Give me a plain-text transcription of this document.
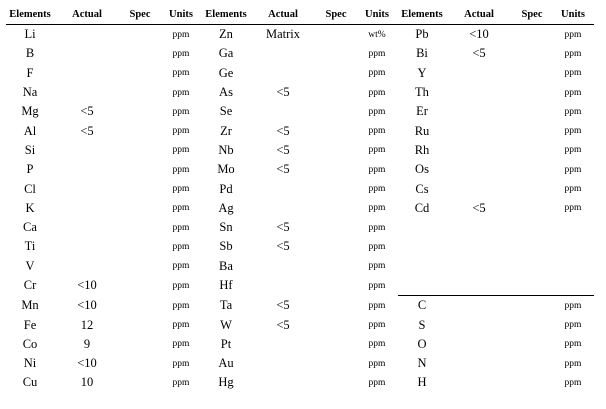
Elements	Actual	Spec	Units	Elements	Actual	Spec	Units	Elements	Actual	Spec	Units
Li			ppm	Zn	Matrix		wt%	Pb	<10		ppm
B			ppm	Ga			ppm	Bi	<5		ppm
F			ppm	Ge			ppm	Y			ppm
Na			ppm	As	<5		ppm	Th			ppm
Mg	<5		ppm	Se			ppm	Er			ppm
Al	<5		ppm	Zr	<5		ppm	Ru			ppm
Si			ppm	Nb	<5		ppm	Rh			ppm
P			ppm	Mo	<5		ppm	Os			ppm
Cl			ppm	Pd			ppm	Cs			ppm
K			ppm	Ag			ppm	Cd	<5		ppm
Ca			ppm	Sn	<5		ppm				
Ti			ppm	Sb	<5		ppm				
V			ppm	Ba			ppm				
Cr	<10		ppm	Hf			ppm				
Mn	<10		ppm	Ta	<5		ppm	C			ppm
Fe	12		ppm	W	<5		ppm	S			ppm
Co	9		ppm	Pt			ppm	O			ppm
Ni	<10		ppm	Au			ppm	N			ppm
Cu	10		ppm	Hg			ppm	H			ppm
